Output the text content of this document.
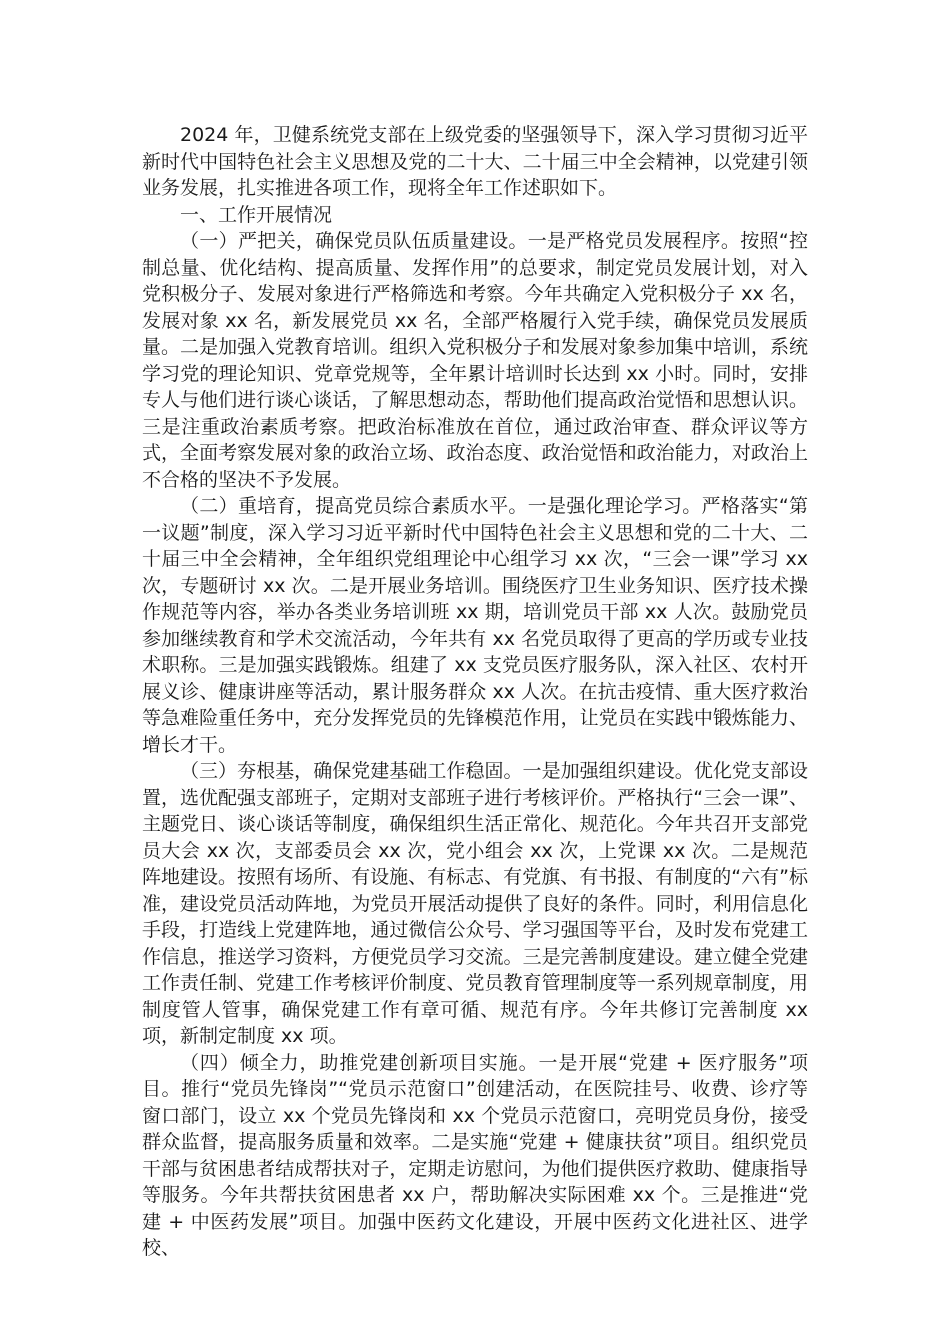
2024 年，卫健系统党支部在上级党委的坚强领导下，深入学习贯彻习近平新时代中国特色社会主义思想及党的二十大、二十届三中全会精神，以党建引领业务发展，扎实推进各项工作，现将全年工作述职如下。

一、工作开展情况

（一）严把关，确保党员队伍质量建设。一是严格党员发展程序。按照“控制总量、优化结构、提高质量、发挥作用”的总要求，制定党员发展计划，对入党积极分子、发展对象进行严格筛选和考察。今年共确定入党积极分子 xx 名，发展对象 xx 名，新发展党员 xx 名，全部严格履行入党手续，确保党员发展质量。二是加强入党教育培训。组织入党积极分子和发展对象参加集中培训，系统学习党的理论知识、党章党规等，全年累计培训时长达到 xx 小时。同时，安排专人与他们进行谈心谈话，了解思想动态，帮助他们提高政治觉悟和思想认识。三是注重政治素质考察。把政治标准放在首位，通过政治审查、群众评议等方式，全面考察发展对象的政治立场、政治态度、政治觉悟和政治能力，对政治上不合格的坚决不予发展。

（二）重培育，提高党员综合素质水平。一是强化理论学习。严格落实“第一议题”制度，深入学习习近平新时代中国特色社会主义思想和党的二十大、二十届三中全会精神，全年组织党组理论中心组学习 xx 次，“三会一课”学习 xx 次，专题研讨 xx 次。二是开展业务培训。围绕医疗卫生业务知识、医疗技术操作规范等内容，举办各类业务培训班 xx 期，培训党员干部 xx 人次。鼓励党员参加继续教育和学术交流活动，今年共有 xx 名党员取得了更高的学历或专业技术职称。三是加强实践锻炼。组建了 xx 支党员医疗服务队，深入社区、农村开展义诊、健康讲座等活动，累计服务群众 xx 人次。在抗击疫情、重大医疗救治等急难险重任务中，充分发挥党员的先锋模范作用，让党员在实践中锻炼能力、增长才干。

（三）夯根基，确保党建基础工作稳固。一是加强组织建设。优化党支部设置，选优配强支部班子，定期对支部班子进行考核评价。严格执行“三会一课”、主题党日、谈心谈话等制度，确保组织生活正常化、规范化。今年共召开支部党员大会 xx 次，支部委员会 xx 次，党小组会 xx 次，上党课 xx 次。二是规范阵地建设。按照有场所、有设施、有标志、有党旗、有书报、有制度的“六有”标准，建设党员活动阵地，为党员开展活动提供了良好的条件。同时，利用信息化手段，打造线上党建阵地，通过微信公众号、学习强国等平台，及时发布党建工作信息，推送学习资料，方便党员学习交流。三是完善制度建设。建立健全党建工作责任制、党建工作考核评价制度、党员教育管理制度等一系列规章制度，用制度管人管事，确保党建工作有章可循、规范有序。今年共修订完善制度 xx 项，新制定制度 xx 项。

（四）倾全力，助推党建创新项目实施。一是开展“党建 + 医疗服务”项目。推行“党员先锋岗”“党员示范窗口”创建活动，在医院挂号、收费、诊疗等窗口部门，设立 xx 个党员先锋岗和 xx 个党员示范窗口，亮明党员身份，接受群众监督，提高服务质量和效率。二是实施“党建 + 健康扶贫”项目。组织党员干部与贫困患者结成帮扶对子，定期走访慰问，为他们提供医疗救助、健康指导等服务。今年共帮扶贫困患者 xx 户，帮助解决实际困难 xx 个。三是推进“党建 + 中医药发展”项目。加强中医药文化建设，开展中医药文化进社区、进学校、
